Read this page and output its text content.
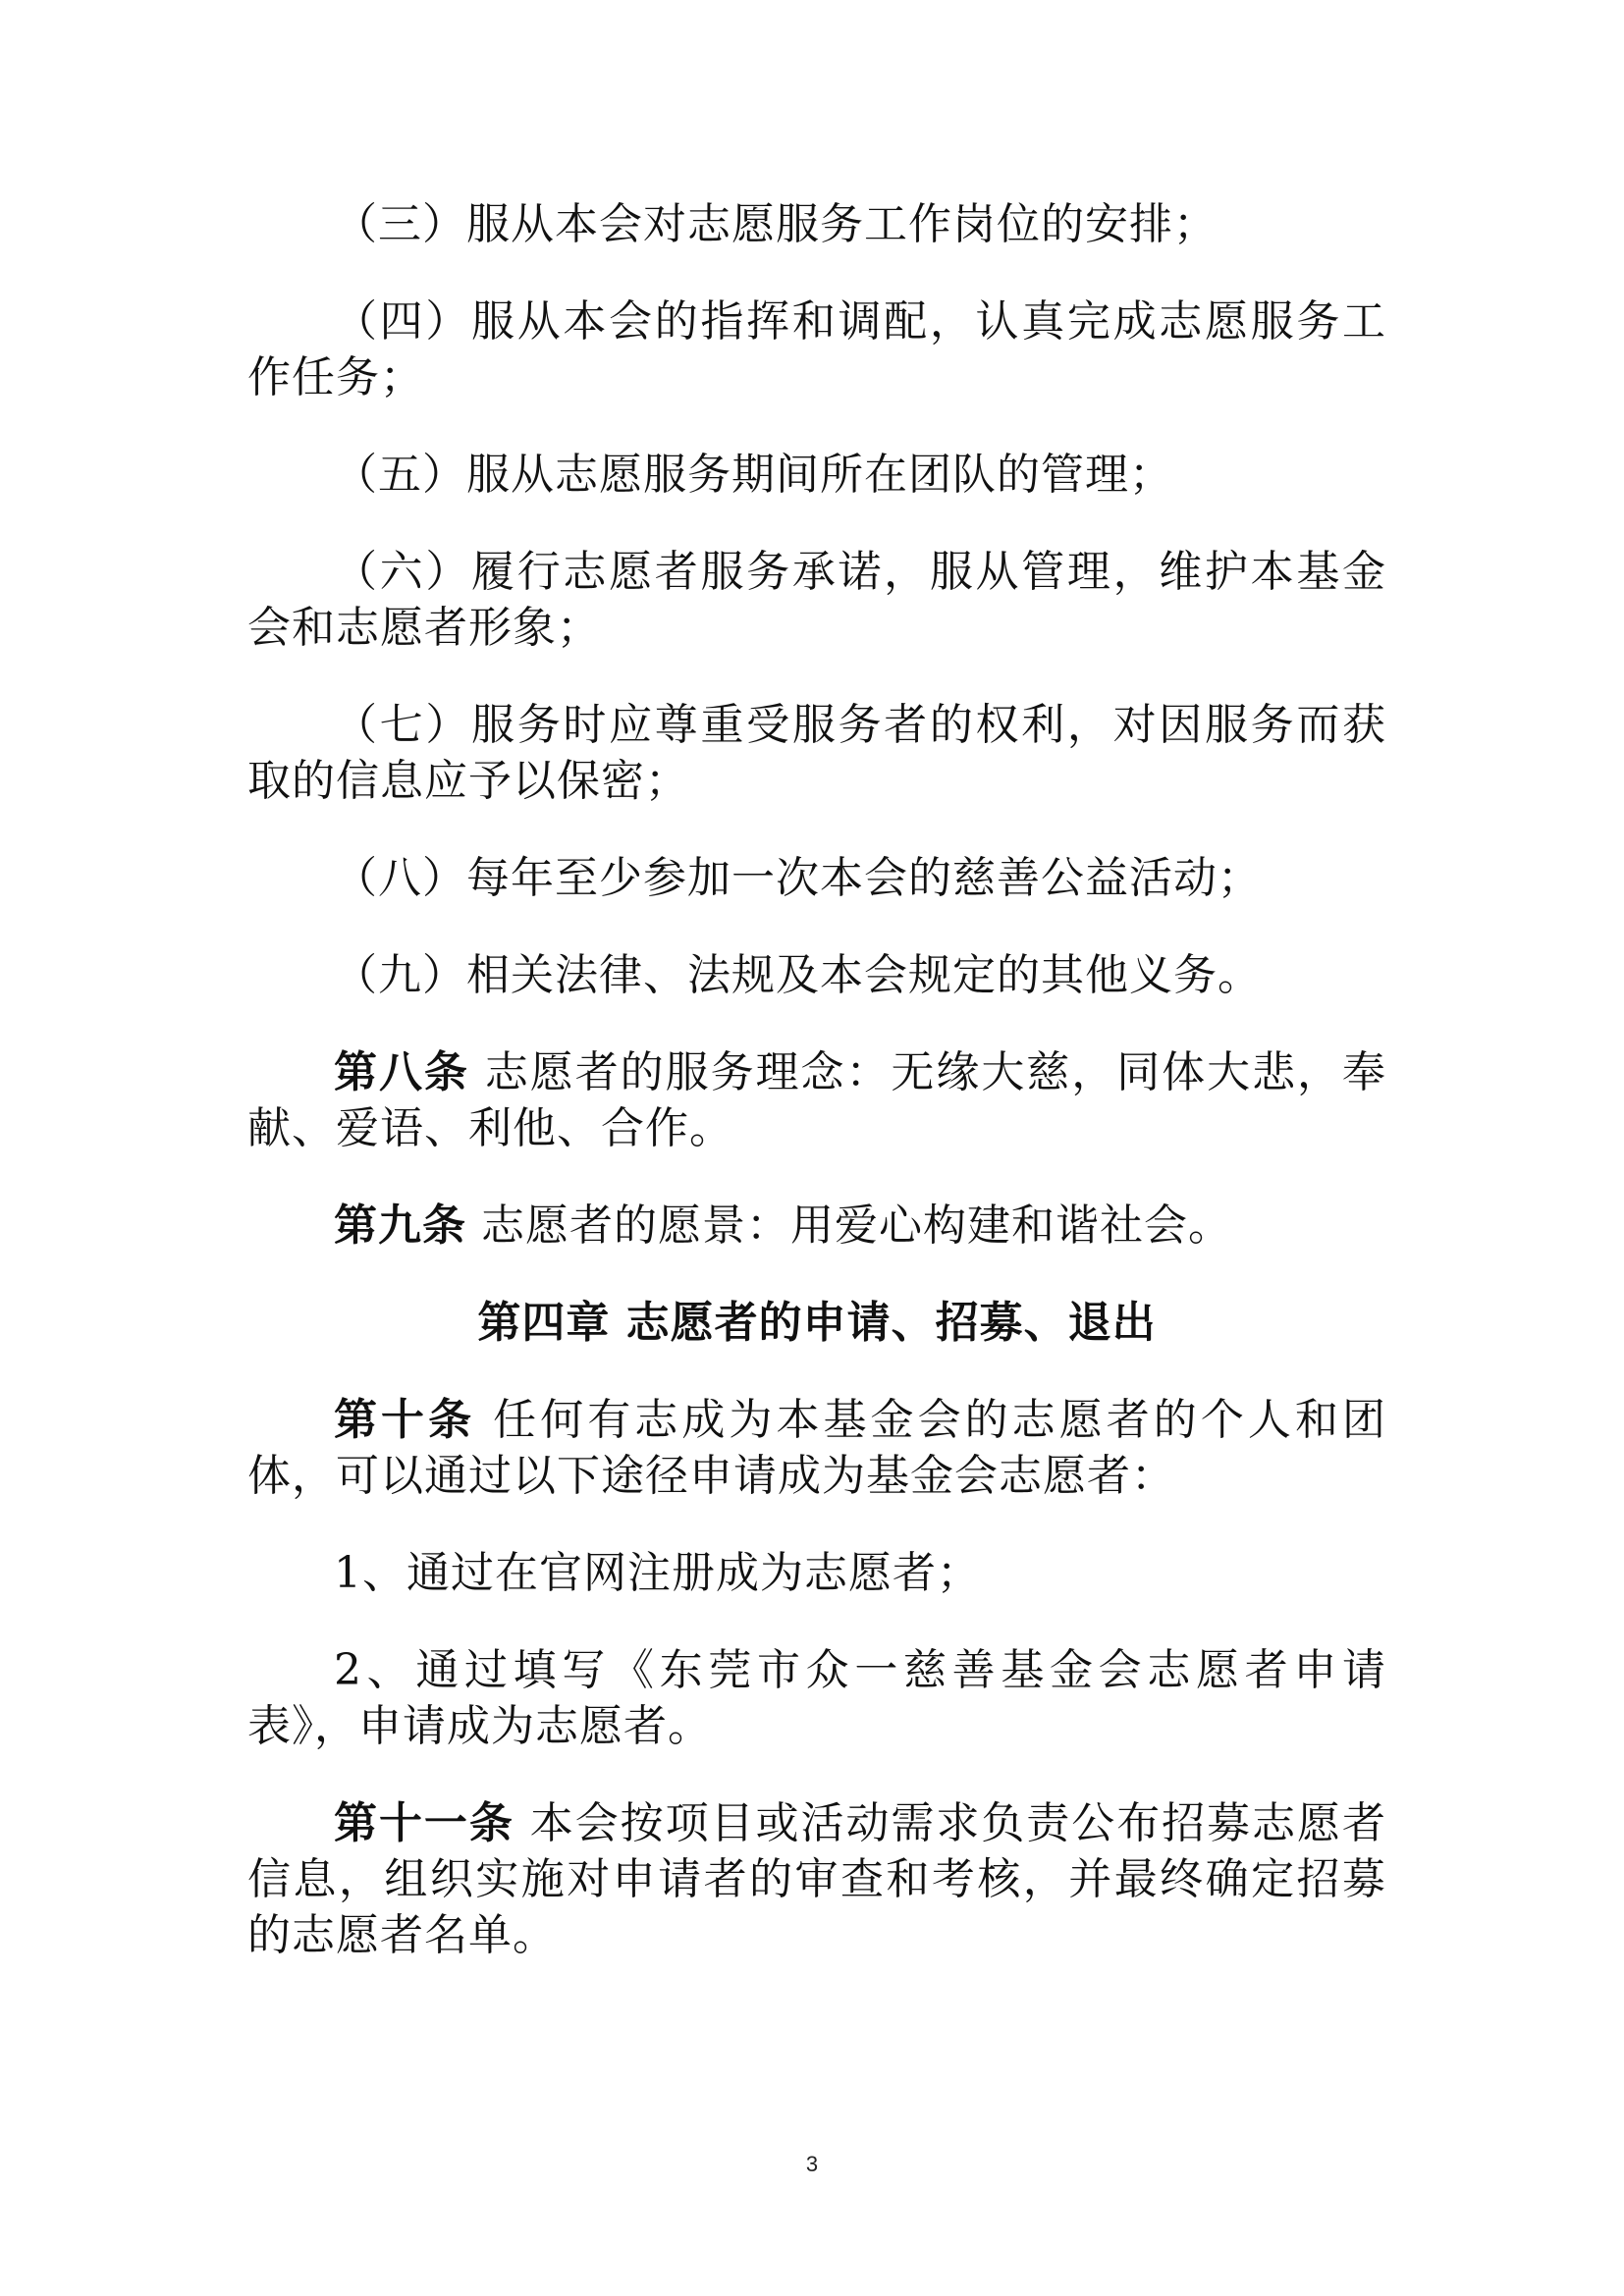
（三）服从本会对志愿服务工作岗位的安排；

（四）服从本会的指挥和调配，认真完成志愿服务工作任务；

（五）服从志愿服务期间所在团队的管理；

（六）履行志愿者服务承诺，服从管理，维护本基金会和志愿者形象；

（七）服务时应尊重受服务者的权利，对因服务而获取的信息应予以保密；

（八）每年至少参加一次本会的慈善公益活动；

（九）相关法律、法规及本会规定的其他义务。

第八条 志愿者的服务理念：无缘大慈，同体大悲，奉献、爱语、利他、合作。

第九条 志愿者的愿景：用爱心构建和谐社会。

第四章 志愿者的申请、招募、退出

第十条 任何有志成为本基金会的志愿者的个人和团体，可以通过以下途径申请成为基金会志愿者：

1、通过在官网注册成为志愿者；

2、通过填写《东莞市众一慈善基金会志愿者申请表》，申请成为志愿者。

第十一条 本会按项目或活动需求负责公布招募志愿者信息，组织实施对申请者的审查和考核，并最终确定招募的志愿者名单。

3
